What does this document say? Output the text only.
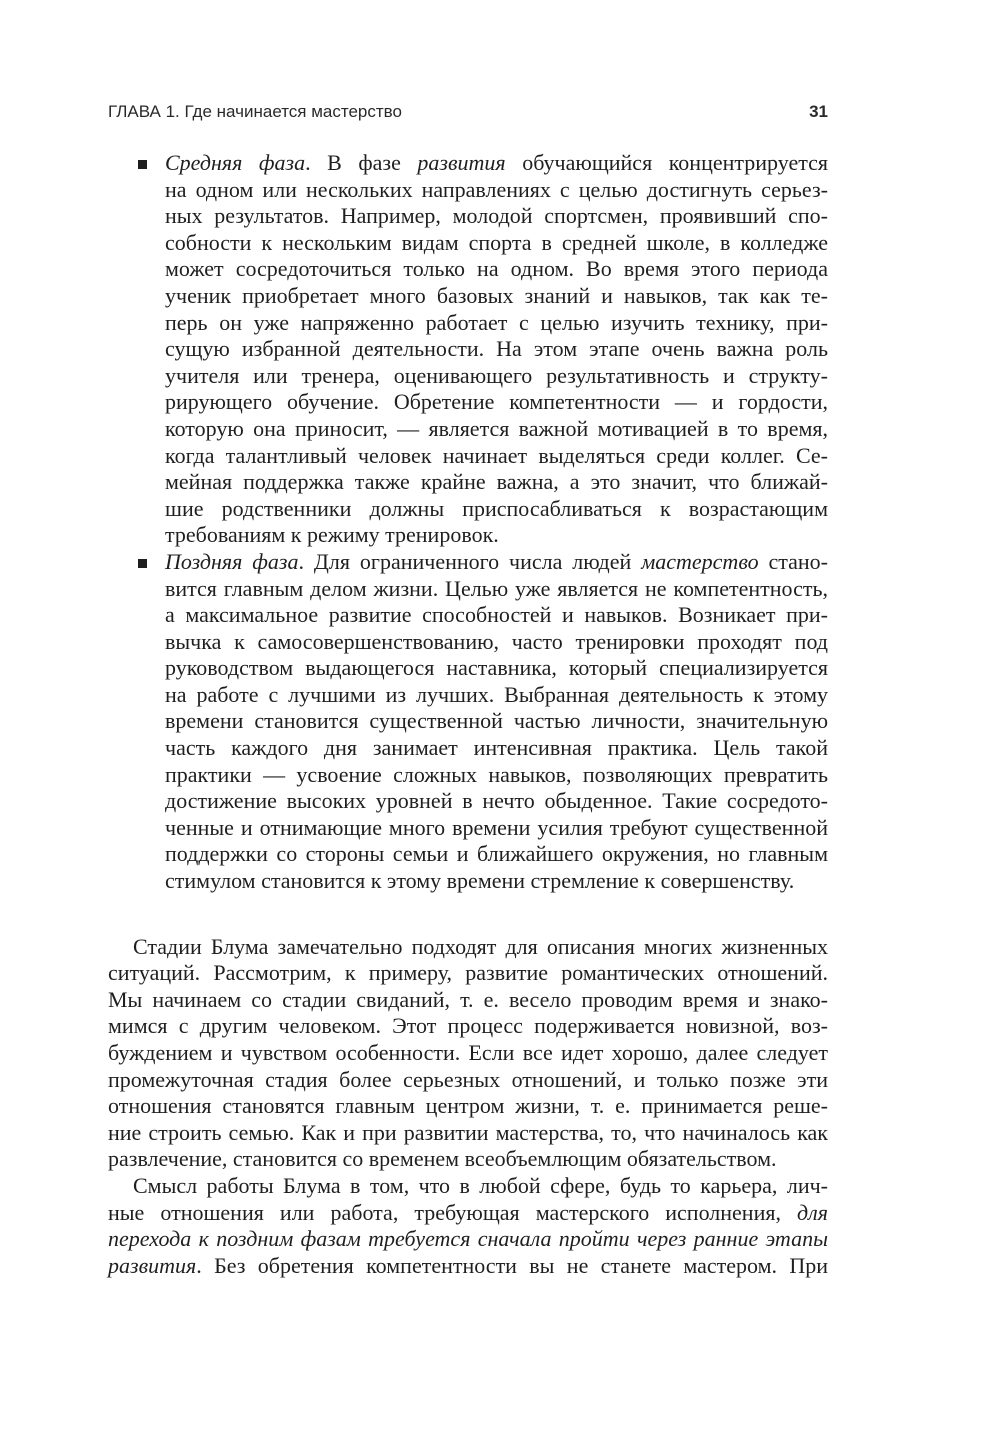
ГЛАВА 1. Где начинается мастерство	31
Средняя фаза. В фазе развития обучающийся концентрируется
на одном или нескольких направлениях с целью достигнуть серьез-
ных результатов. Например, молодой спортсмен, проявивший спо-
собности к нескольким видам спорта в средней школе, в колледже
может сосредоточиться только на одном. Во время этого периода
ученик приобретает много базовых знаний и навыков, так как те-
перь он уже напряженно работает с целью изучить технику, при-
сущую избранной деятельности. На этом этапе очень важна роль
учителя или тренера, оценивающего результативность и структу-
рирующего обучение. Обретение компетентности — и гордости,
которую она приносит, — является важной мотивацией в то время,
когда талантливый человек начинает выделяться среди коллег. Се-
мейная поддержка также крайне важна, а это значит, что ближай-
шие родственники должны приспосабливаться к возрастающим
требованиям к режиму тренировок.
Поздняя фаза. Для ограниченного числа людей мастерство стано-
вится главным делом жизни. Целью уже является не компетентность,
а максимальное развитие способностей и навыков. Возникает при-
вычка к самосовершенствованию, часто тренировки проходят под
руководством выдающегося наставника, который специализируется
на работе с лучшими из лучших. Выбранная деятельность к этому
времени становится существенной частью личности, значительную
часть каждого дня занимает интенсивная практика. Цель такой
практики — усвоение сложных навыков, позволяющих превратить
достижение высоких уровней в нечто обыденное. Такие сосредото-
ченные и отнимающие много времени усилия требуют существенной
поддержки со стороны семьи и ближайшего окружения, но главным
стимулом становится к этому времени стремление к совершенству.
Стадии Блума замечательно подходят для описания многих жизненных
ситуаций. Рассмотрим, к примеру, развитие романтических отношений.
Мы начинаем со стадии свиданий, т. е. весело проводим время и знако-
мимся с другим человеком. Этот процесс подерживается новизной, воз-
буждением и чувством особенности. Если все идет хорошо, далее следует
промежуточная стадия более серьезных отношений, и только позже эти
отношения становятся главным центром жизни, т. е. принимается реше-
ние строить семью. Как и при развитии мастерства, то, что начиналось как
развлечение, становится со временем всеобъемлющим обязательством.
Смысл работы Блума в том, что в любой сфере, будь то карьера, лич-
ные отношения или работа, требующая мастерского исполнения, для
перехода к поздним фазам требуется сначала пройти через ранние этапы
развития. Без обретения компетентности вы не станете мастером. При
